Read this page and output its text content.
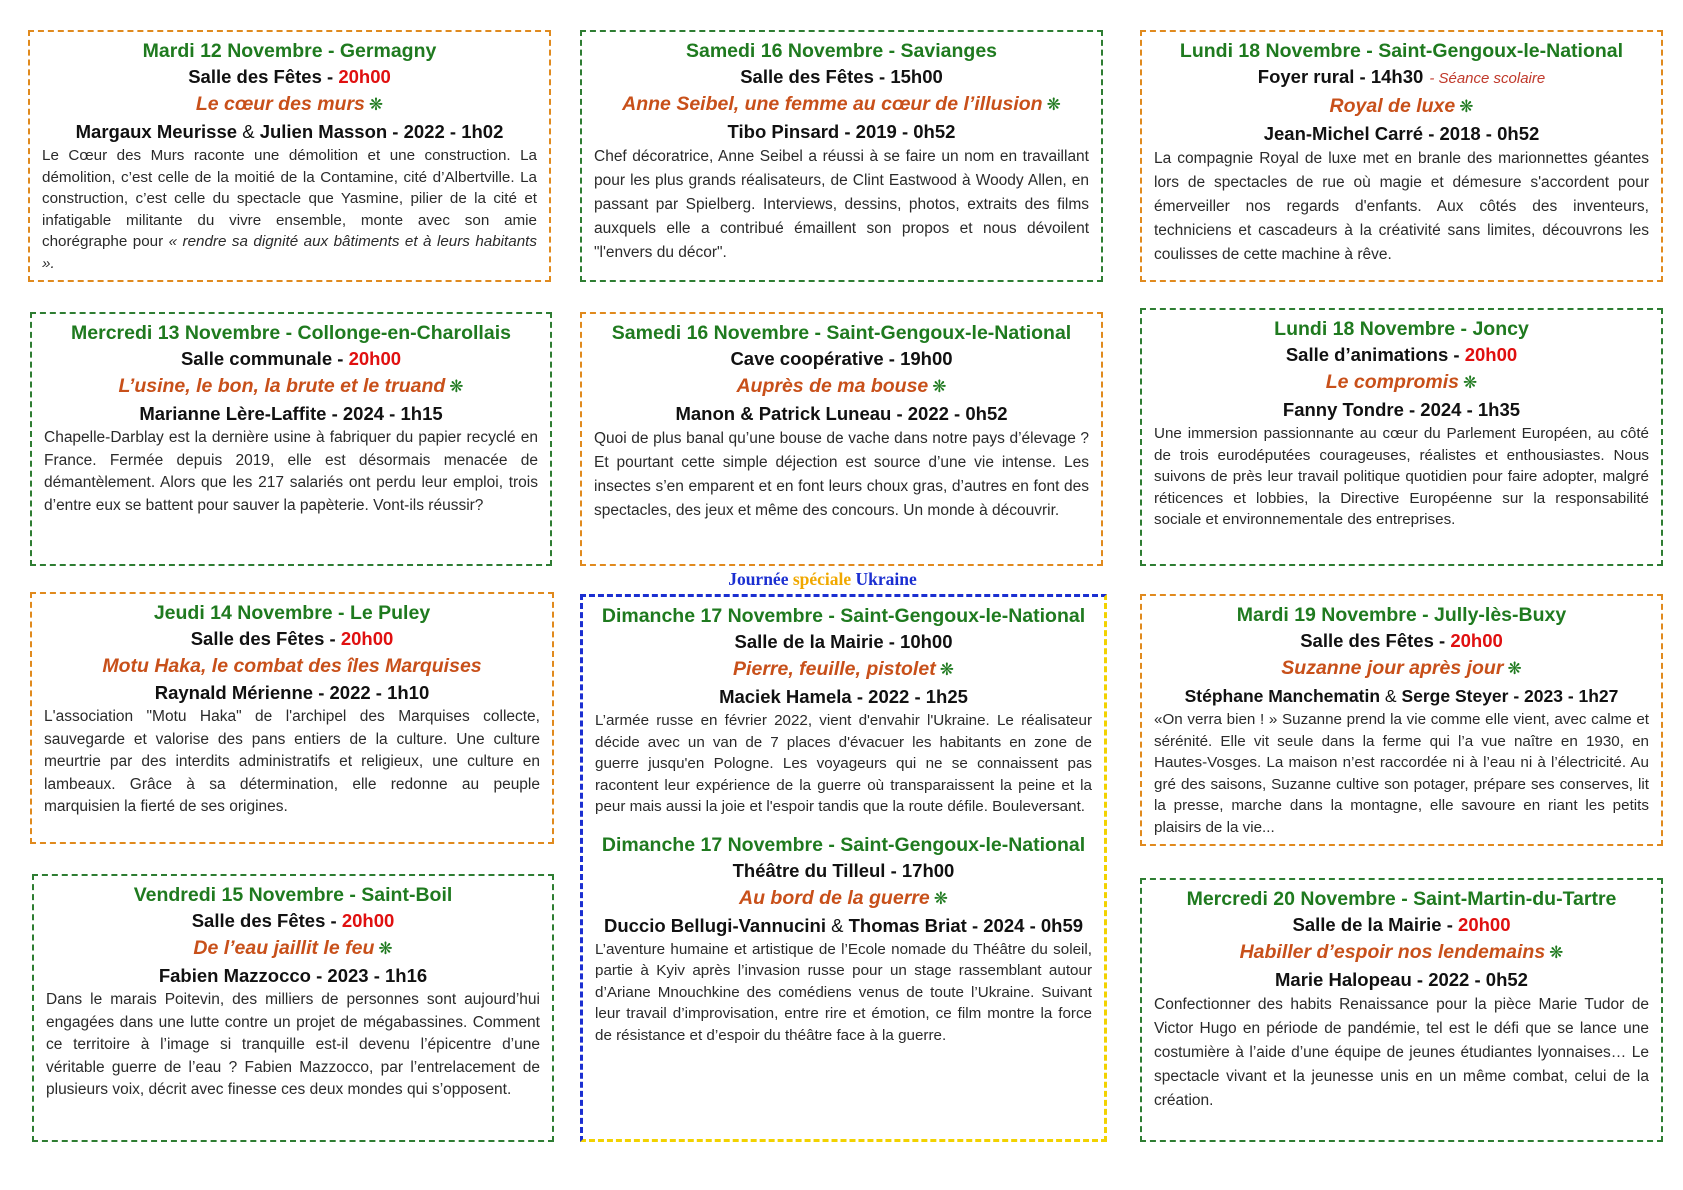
Mardi 12 Novembre - Germagny
Salle des Fêtes - 20h00
Le cœur des murs ❋
Margaux Meurisse & Julien Masson - 2022 - 1h02
Le Cœur des Murs raconte une démolition et une construction. La démolition, c’est celle de la moitié de la Contamine, cité d’Albertville. La construction, c’est celle du spectacle que Yasmine, pilier de la cité et infatigable militante du vivre ensemble, monte avec son amie chorégraphe pour « rendre sa dignité aux bâtiments et à leurs habitants ».
Mercredi 13 Novembre - Collonge-en-Charollais
Salle communale - 20h00
L’usine, le bon, la brute et le truand ❋
Marianne Lère-Laffite - 2024 - 1h15
Chapelle-Darblay est la dernière usine à fabriquer du papier recyclé en France. Fermée depuis 2019, elle est désormais menacée de démantèlement. Alors que les 217 salariés ont perdu leur emploi, trois d’entre eux se battent pour sauver la papèterie. Vont-ils réussir?
Jeudi 14 Novembre - Le Puley
Salle des Fêtes - 20h00
Motu Haka, le combat des îles Marquises
Raynald Mérienne - 2022 - 1h10
L'association "Motu Haka" de l'archipel des Marquises collecte, sauvegarde et valorise des pans entiers de la culture. Une culture meurtrie par des interdits administratifs et religieux, une culture en lambeaux. Grâce à sa détermination, elle redonne au peuple marquisien la fierté de ses origines.
Vendredi 15 Novembre - Saint-Boil
Salle des Fêtes - 20h00
De l’eau jaillit le feu ❋
Fabien Mazzocco - 2023 - 1h16
Dans le marais Poitevin, des milliers de personnes sont aujourd’hui engagées dans une lutte contre un projet de mégabassines. Comment ce territoire à l’image si tranquille est-il devenu l’épicentre d’une véritable guerre de l’eau ? Fabien Mazzocco, par l’entrelacement de plusieurs voix, décrit avec finesse ces deux mondes qui s’opposent.
Samedi 16 Novembre - Savianges
Salle des Fêtes - 15h00
Anne Seibel, une femme au cœur de l’illusion ❋
Tibo Pinsard - 2019 - 0h52
Chef décoratrice, Anne Seibel a réussi à se faire un nom en travaillant pour les plus grands réalisateurs, de Clint Eastwood à Woody Allen, en passant par Spielberg. Interviews, dessins, photos, extraits des films auxquels elle a contribué émaillent son propos et nous dévoilent "l'envers du décor".
Samedi 16 Novembre - Saint-Gengoux-le-National
Cave coopérative - 19h00
Auprès de ma bouse ❋
Manon & Patrick Luneau - 2022 - 0h52
Quoi de plus banal qu’une bouse de vache dans notre pays d’élevage ? Et pourtant cette simple déjection est source d’une vie intense. Les insectes s’en emparent et en font leurs choux gras, d’autres en font des spectacles, des jeux et même des concours. Un monde à découvrir.
Journée spéciale Ukraine
Dimanche 17 Novembre - Saint-Gengoux-le-National
Salle de la Mairie - 10h00
Pierre, feuille, pistolet ❋
Maciek Hamela - 2022 - 1h25
L’armée russe en février 2022, vient d'envahir l'Ukraine. Le réalisateur décide avec un van de 7 places d'évacuer les habitants en zone de guerre jusqu'en Pologne. Les voyageurs qui ne se connaissent pas racontent leur expérience de la guerre où transparaissent la peine et la peur mais aussi la joie et l'espoir tandis que la route défile. Bouleversant.
Dimanche 17 Novembre - Saint-Gengoux-le-National
Théâtre du Tilleul - 17h00
Au bord de la guerre ❋
Duccio Bellugi-Vannucini & Thomas Briat - 2024 - 0h59
L’aventure humaine et artistique de l’Ecole nomade du Théâtre du soleil, partie à Kyiv après l’invasion russe pour un stage rassemblant autour d’Ariane Mnouchkine des comédiens venus de toute l’Ukraine. Suivant leur travail d’improvisation, entre rire et émotion, ce film montre la force de résistance et d’espoir du théâtre face à la guerre.
Lundi 18 Novembre - Saint-Gengoux-le-National
Foyer rural - 14h30 - Séance scolaire
Royal de luxe ❋
Jean-Michel Carré - 2018 - 0h52
La compagnie Royal de luxe met en branle des marionnettes géantes lors de spectacles de rue où magie et démesure s'accordent pour émerveiller nos regards d'enfants. Aux côtés des inventeurs, techniciens et cascadeurs à la créativité sans limites, découvrons les coulisses de cette machine à rêve.
Lundi 18 Novembre - Joncy
Salle d’animations - 20h00
Le compromis ❋
Fanny Tondre - 2024 - 1h35
Une immersion passionnante au cœur du Parlement Européen, au côté de trois eurodéputées courageuses, réalistes et enthousiastes. Nous suivons de près leur travail politique quotidien pour faire adopter, malgré réticences et lobbies, la Directive Européenne sur la responsabilité sociale et environnementale des entreprises.
Mardi 19 Novembre - Jully-lès-Buxy
Salle des Fêtes - 20h00
Suzanne jour après jour ❋
Stéphane Manchematin & Serge Steyer - 2023 - 1h27
«On verra bien ! » Suzanne prend la vie comme elle vient, avec calme et sérénité. Elle vit seule dans la ferme qui l’a vue naître en 1930, en Hautes-Vosges. La maison n’est raccordée ni à l’eau ni à l’électricité. Au gré des saisons, Suzanne cultive son potager, prépare ses conserves, lit la presse, marche dans la montagne, elle savoure en riant les petits plaisirs de la vie...
Mercredi 20 Novembre - Saint-Martin-du-Tartre
Salle de la Mairie - 20h00
Habiller d’espoir nos lendemains ❋
Marie Halopeau - 2022 - 0h52
Confectionner des habits Renaissance pour la pièce Marie Tudor de Victor Hugo en période de pandémie, tel est le défi que se lance une costumière à l’aide d’une équipe de jeunes étudiantes lyonnaises… Le spectacle vivant et la jeunesse unis en un même combat, celui de la création.
